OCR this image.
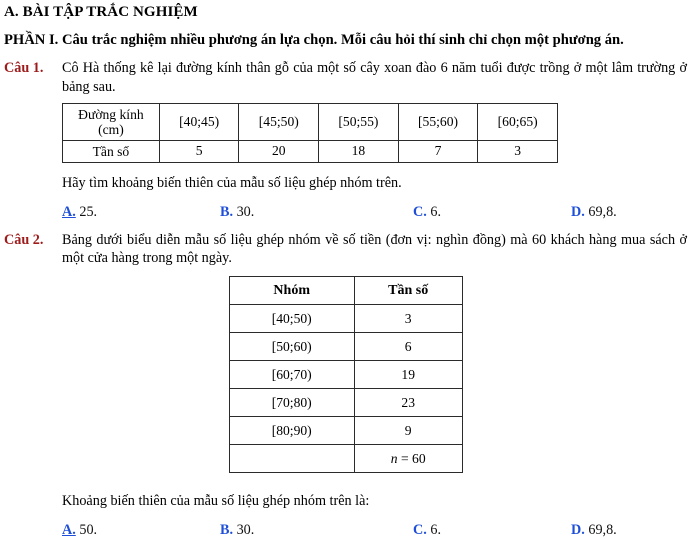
A. BÀI TẬP TRẮC NGHIỆM
PHẦN I. Câu trắc nghiệm nhiều phương án lựa chọn. Mỗi câu hỏi thí sinh chỉ chọn một phương án.
Câu 1.	Cô Hà thống kê lại đường kính thân gỗ của một số cây xoan đào 6 năm tuổi được trồng ở một lâm trường ở bảng sau.
Đường kính
(cm)	[40;45)	[45;50)	[50;55)	[55;60)	[60;65)
Tần số	5	20	18	7	3
Hãy tìm khoảng biến thiên của mẫu số liệu ghép nhóm trên.
A. 25.	B. 30.	C. 6.	D. 69,8.
Câu 2.	Bảng dưới biểu diễn mẫu số liệu ghép nhóm về số tiền (đơn vị: nghìn đồng) mà 60 khách hàng mua sách ở một cửa hàng trong một ngày.
Nhóm	Tần số
[40;50)	3
[50;60)	6
[60;70)	19
[70;80)	23
[80;90)	9
	n = 60
Khoảng biến thiên của mẫu số liệu ghép nhóm trên là:
A. 50.	B. 30.	C. 6.	D. 69,8.
